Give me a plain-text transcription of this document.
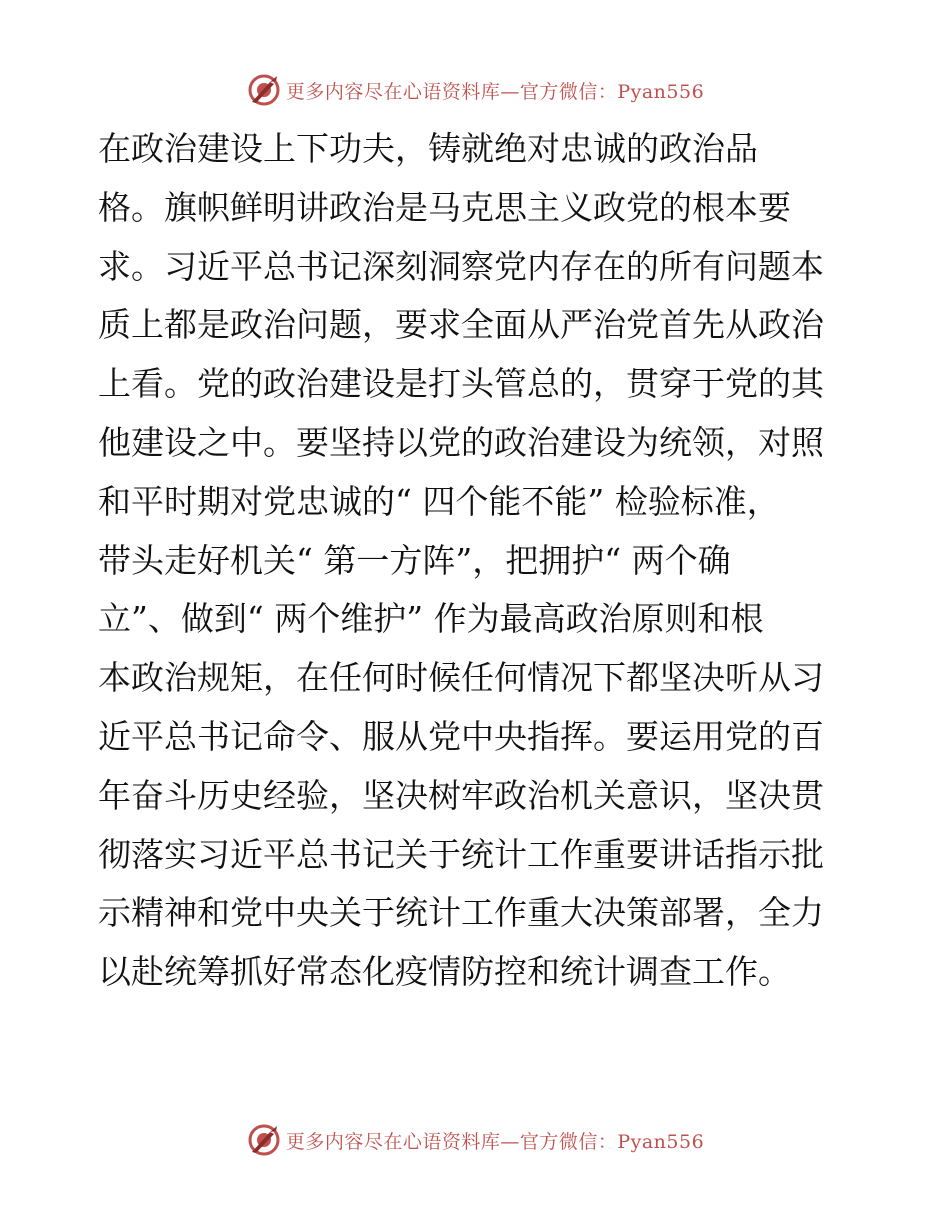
更多内容尽在心语资料库—官方微信：Pyan556
在政治建设上下功夫，铸就绝对忠诚的政治品
格。旗帜鲜明讲政治是马克思主义政党的根本要
求。习近平总书记深刻洞察党内存在的所有问题本
质上都是政治问题，要求全面从严治党首先从政治
上看。党的政治建设是打头管总的，贯穿于党的其
他建设之中。要坚持以党的政治建设为统领，对照
和平时期对党忠诚的“ 四个能不能” 检验标准，
带头走好机关“ 第一方阵”，把拥护“ 两个确
立”、做到“ 两个维护” 作为最高政治原则和根
本政治规矩，在任何时候任何情况下都坚决听从习
近平总书记命令、服从党中央指挥。要运用党的百
年奋斗历史经验，坚决树牢政治机关意识，坚决贯
彻落实习近平总书记关于统计工作重要讲话指示批
示精神和党中央关于统计工作重大决策部署，全力
以赴统筹抓好常态化疫情防控和统计调查工作。
更多内容尽在心语资料库—官方微信：Pyan556
